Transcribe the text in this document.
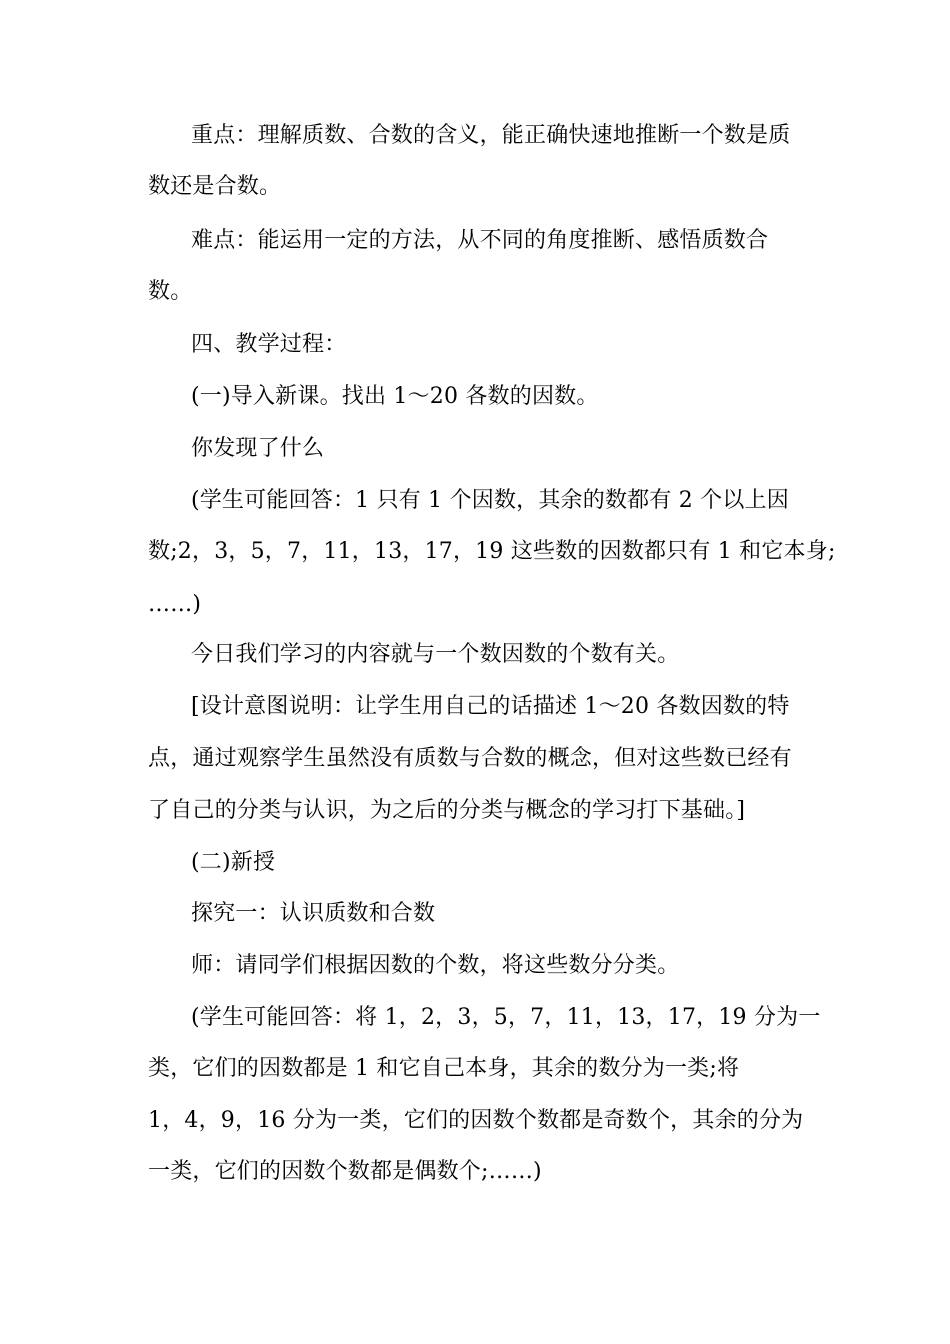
重点：理解质数、合数的含义，能正确快速地推断一个数是质
数还是合数。
难点：能运用一定的方法，从不同的角度推断、感悟质数合
数。
四、教学过程：
(一)导入新课。找出 1～20 各数的因数。
你发现了什么
(学生可能回答：1 只有 1 个因数，其余的数都有 2 个以上因
数;2，3，5，7，11，13，17，19 这些数的因数都只有 1 和它本身;
……)
今日我们学习的内容就与一个数因数的个数有关。
[设计意图说明：让学生用自己的话描述 1～20 各数因数的特
点，通过观察学生虽然没有质数与合数的概念，但对这些数已经有
了自己的分类与认识，为之后的分类与概念的学习打下基础。]
(二)新授
探究一：认识质数和合数
师：请同学们根据因数的个数，将这些数分分类。
(学生可能回答：将 1，2，3，5，7，11，13，17，19 分为一
类，它们的因数都是 1 和它自己本身，其余的数分为一类;将
1，4，9，16 分为一类，它们的因数个数都是奇数个，其余的分为
一类，它们的因数个数都是偶数个;……)
